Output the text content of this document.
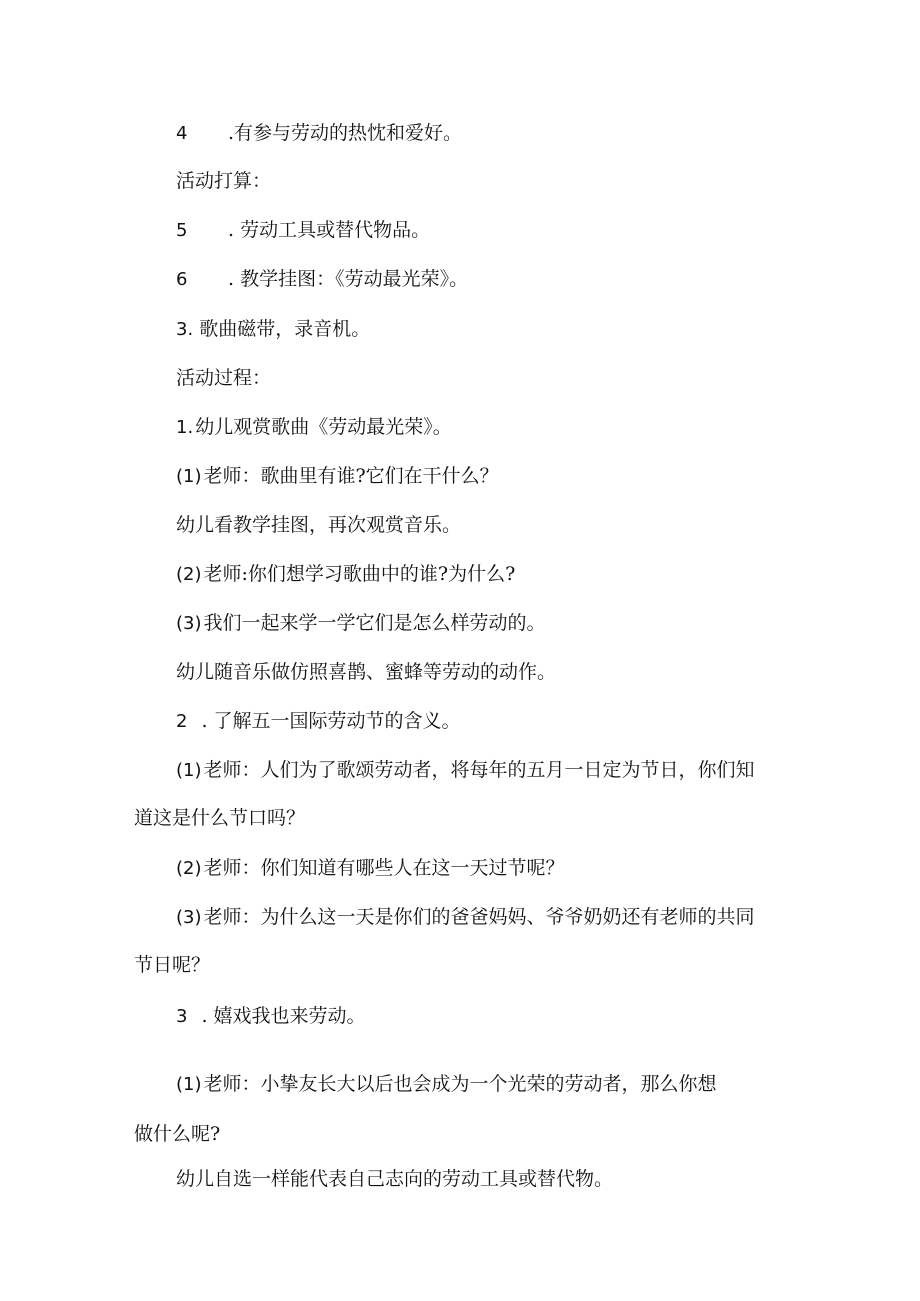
4 .有参与劳动的热忱和爱好。
活动打算：
5 . 劳动工具或替代物品。
6 . 教学挂图：《劳动最光荣》。
3. 歌曲磁带，录音机。
活动过程：
1. 幼儿观赏歌曲《劳动最光荣》。
(1) 老师：歌曲里有谁?它们在干什么？
幼儿看教学挂图，再次观赏音乐。
(2) 老师:你们想学习歌曲中的谁?为什么?
(3) 我们一起来学一学它们是怎么样劳动的。
幼儿随音乐做仿照喜鹊、蜜蜂等劳动的动作。
2 . 了解五一国际劳动节的含义。
(1) 老师：人们为了歌颂劳动者，将每年的五月一日定为节日，你们知
道这是什么节口吗？
(2) 老师：你们知道有哪些人在这一天过节呢？
(3) 老师：为什么这一天是你们的爸爸妈妈、爷爷奶奶还有老师的共同
节日呢？
3 . 嬉戏我也来劳动。
(1) 老师：小挚友长大以后也会成为一个光荣的劳动者，那么你想
做什么呢?
幼儿自选一样能代表自己志向的劳动工具或替代物。
